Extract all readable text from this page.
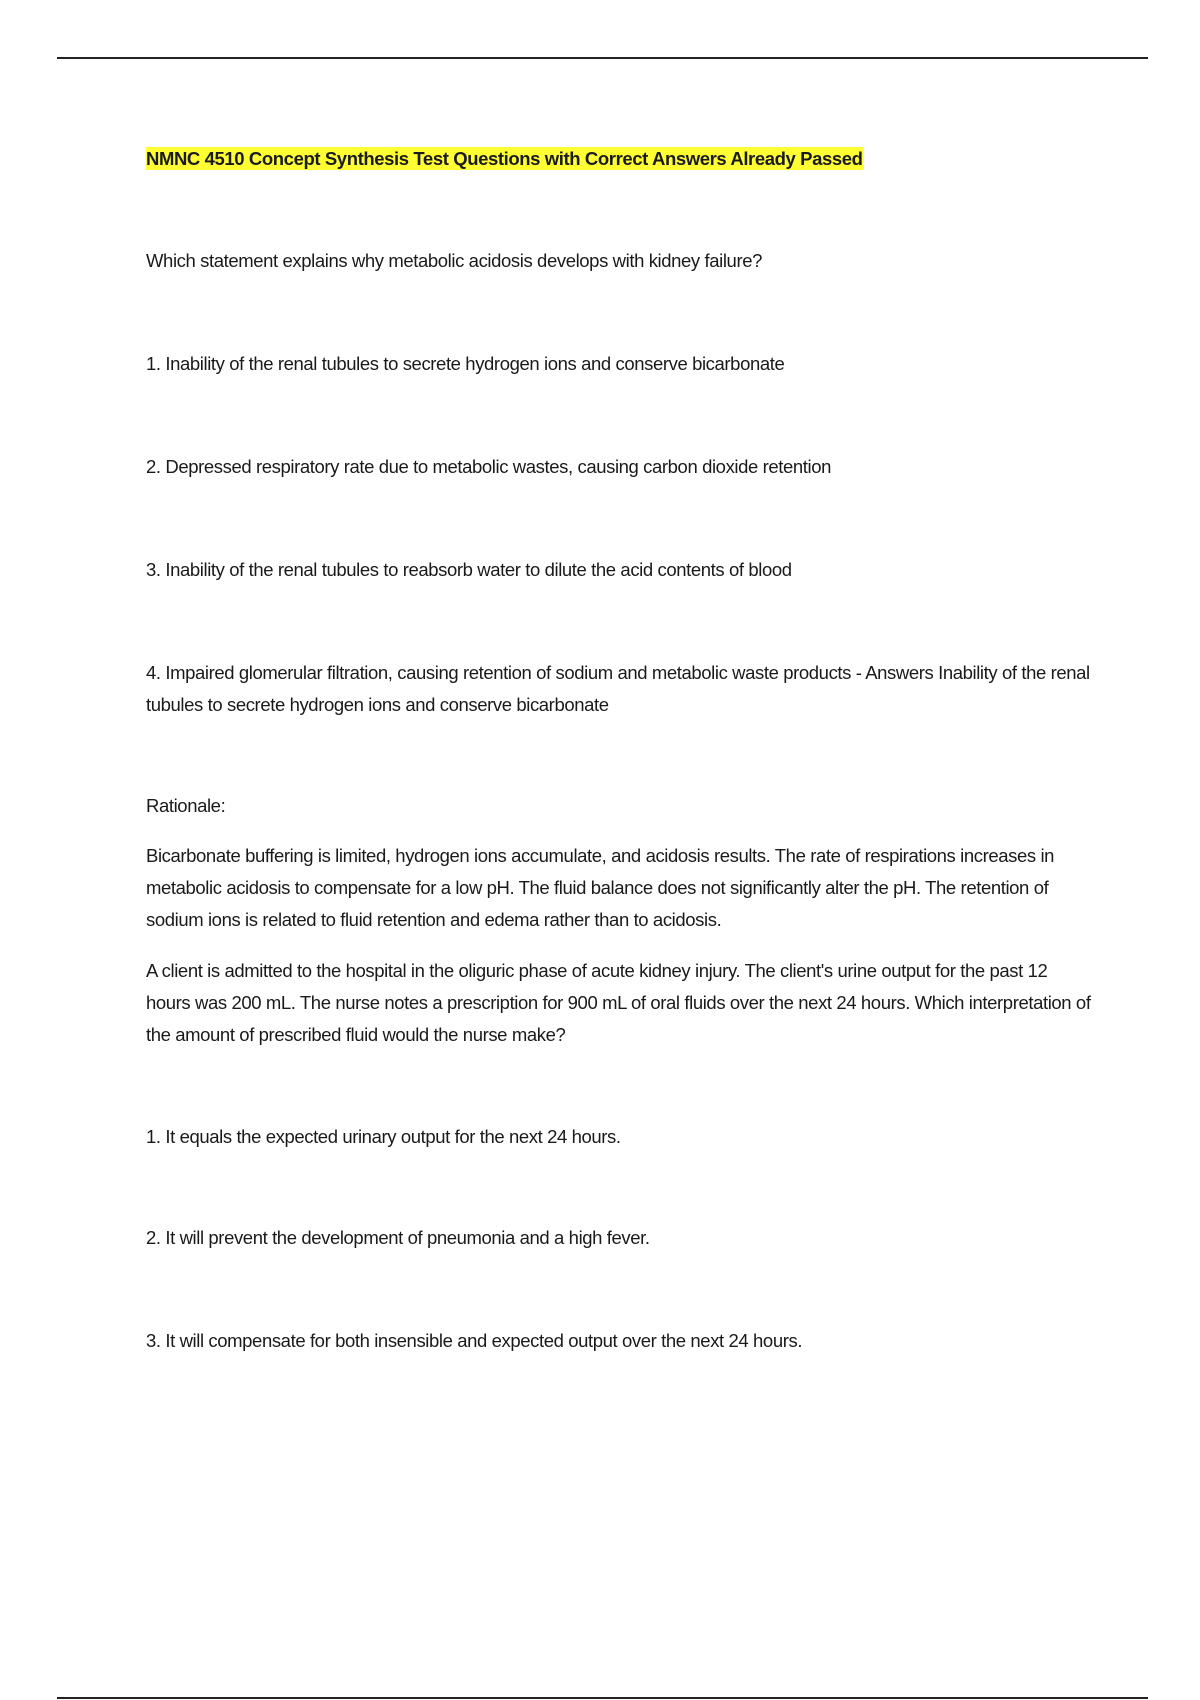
NMNC 4510 Concept Synthesis Test Questions with Correct Answers Already Passed
Which statement explains why metabolic acidosis develops with kidney failure?
1. Inability of the renal tubules to secrete hydrogen ions and conserve bicarbonate
2. Depressed respiratory rate due to metabolic wastes, causing carbon dioxide retention
3. Inability of the renal tubules to reabsorb water to dilute the acid contents of blood
4. Impaired glomerular filtration, causing retention of sodium and metabolic waste products - Answers Inability of the renal tubules to secrete hydrogen ions and conserve bicarbonate
Rationale:
Bicarbonate buffering is limited, hydrogen ions accumulate, and acidosis results. The rate of respirations increases in metabolic acidosis to compensate for a low pH. The fluid balance does not significantly alter the pH. The retention of sodium ions is related to fluid retention and edema rather than to acidosis.
A client is admitted to the hospital in the oliguric phase of acute kidney injury. The client's urine output for the past 12 hours was 200 mL. The nurse notes a prescription for 900 mL of oral fluids over the next 24 hours. Which interpretation of the amount of prescribed fluid would the nurse make?
1. It equals the expected urinary output for the next 24 hours.
2. It will prevent the development of pneumonia and a high fever.
3. It will compensate for both insensible and expected output over the next 24 hours.
